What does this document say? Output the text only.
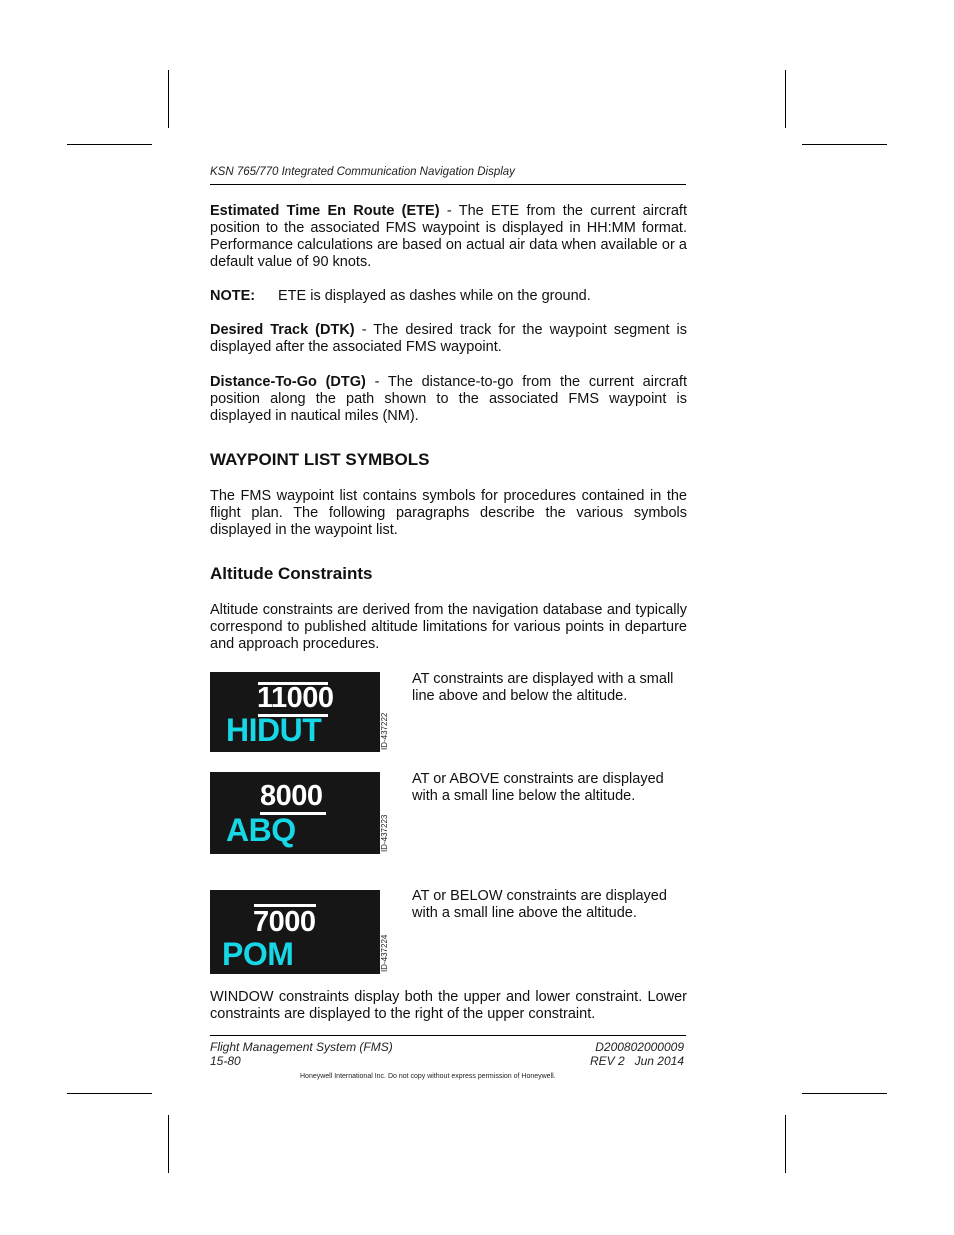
KSN 765/770 Integrated Communication Navigation Display

Estimated Time En Route (ETE) - The ETE from the current aircraft position to the associated FMS waypoint is displayed in HH:MM format. Performance calculations are based on actual air data when available or a default value of 90 knots.

NOTE: ETE is displayed as dashes while on the ground.

Desired Track (DTK) - The desired track for the waypoint segment is displayed after the associated FMS waypoint.

Distance-To-Go (DTG) - The distance-to-go from the current aircraft position along the path shown to the associated FMS waypoint is displayed in nautical miles (NM).

WAYPOINT LIST SYMBOLS

The FMS waypoint list contains symbols for procedures contained in the flight plan. The following paragraphs describe the various symbols displayed in the waypoint list.

Altitude Constraints

Altitude constraints are derived from the navigation database and typically correspond to published altitude limitations for various points in departure and approach procedures.

11000
HIDUT	ID-437222

AT constraints are displayed with a small line above and below the altitude.

8000
ABQ	ID-437223

AT or ABOVE constraints are displayed with a small line below the altitude.

7000
POM	ID-437224

AT or BELOW constraints are displayed with a small line above the altitude.

WINDOW constraints display both the upper and lower constraint. Lower constraints are displayed to the right of the upper constraint.

Flight Management System (FMS)
15-80
D200802000009
REV 2   Jun 2014
Honeywell International Inc. Do not copy without express permission of Honeywell.
